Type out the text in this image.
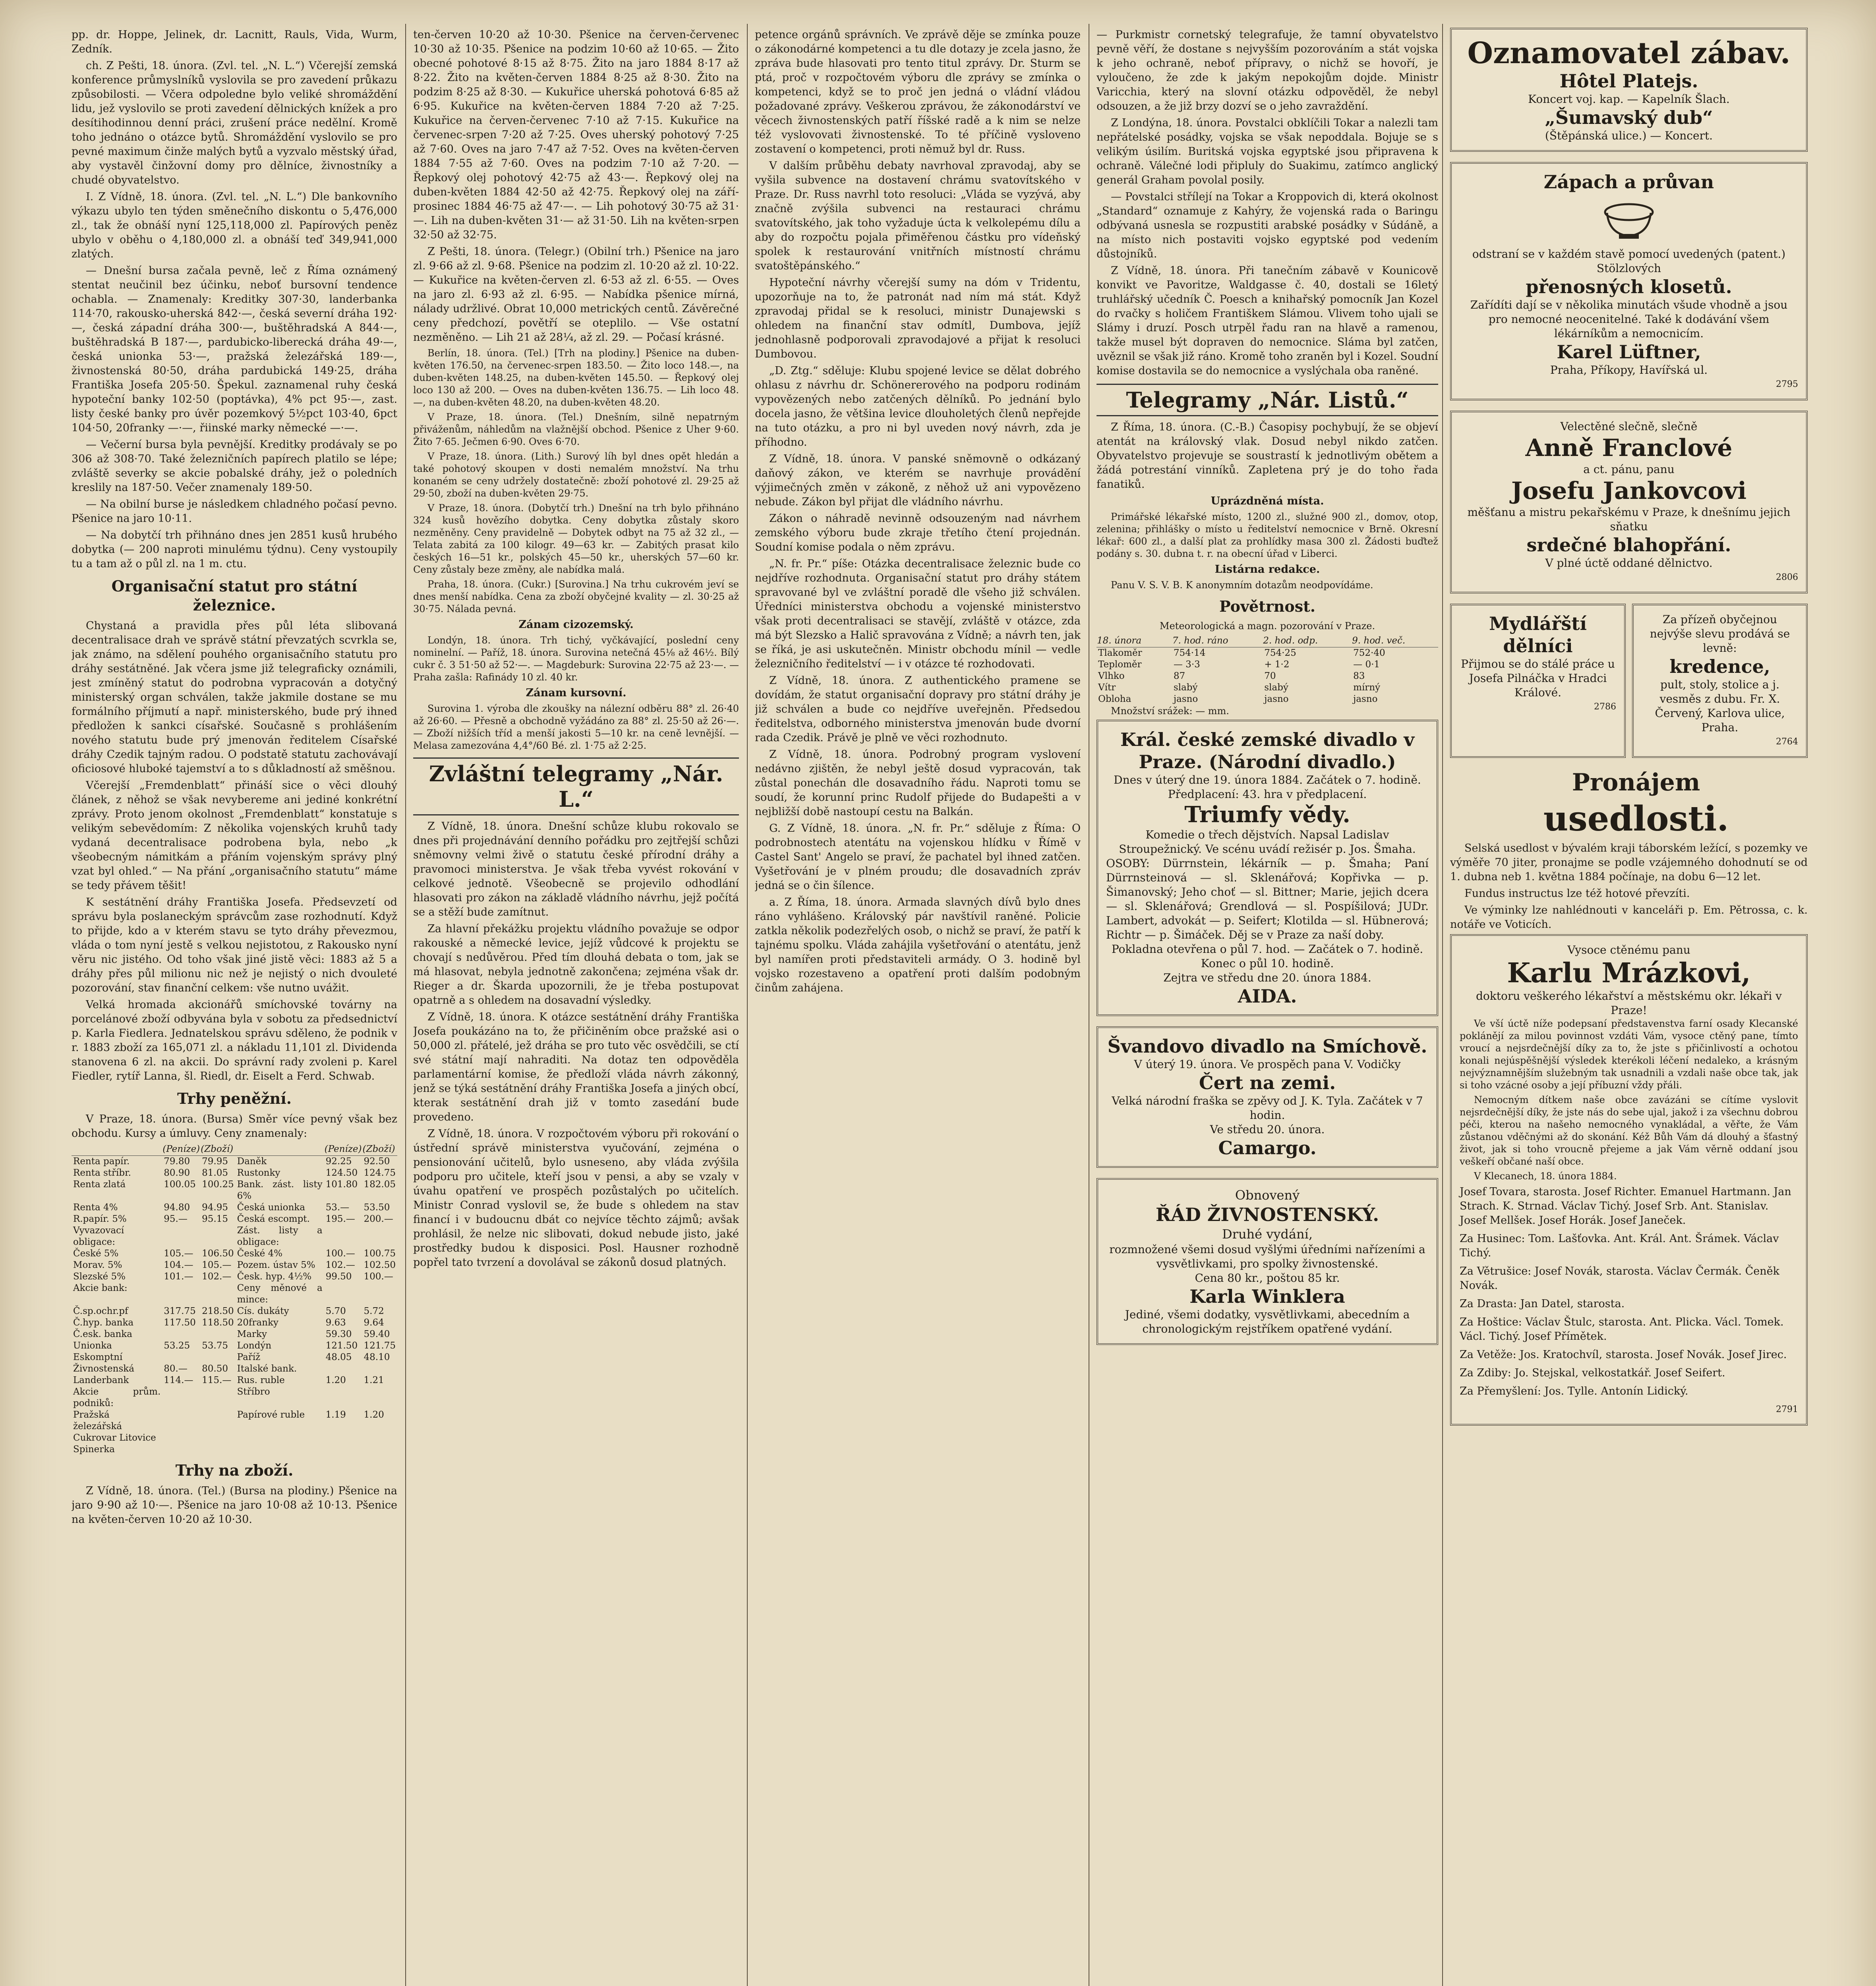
pp. dr. Hoppe, Jelinek, dr. Lacnitt, Rauls, Vida, Wurm, Zedník.

ch. Z Pešti, 18. února. (Zvl. tel. „N. L.“) Včerejší zemská konference průmyslníků vyslovila se pro zavedení průkazu způsobilosti. — Včera odpoledne bylo veliké shromáždění lidu, jež vyslovilo se proti zavedení dělnických knížek a pro desítihodinnou denní práci, zrušení práce nedělní. Kromě toho jednáno o otázce bytů. Shromáždění vyslovilo se pro pevné maximum činže malých bytů a vyzvalo městský úřad, aby vystavěl činžovní domy pro dělníce, živnostníky a chudé obyvatelstvo.

I. Z Vídně, 18. února. (Zvl. tel. „N. L.“) Dle bankovního výkazu ubylo ten týden směnečního diskontu o 5,476,000 zl., tak že obnáší nyní 125,118,000 zl. Papírových peněz ubylo v oběhu o 4,180,000 zl. a obnáší teď 349,941,000 zlatých.

— Dnešní bursa začala pevně, leč z Říma oznámený stentat neučinil bez účinku, neboť bursovní tendence ochabla. — Znamenaly: Kreditky 307·30, landerbanka 114·70, rakousko-uherská 842·—, česká severní dráha 192·—, česká západní dráha 300·—, buštěhradská A 844·—, buštěhradská B 187·—, pardubicko-liberecká dráha 49·—, česká unionka 53·—, pražská železářská 189·—, živnostenská 80·50, dráha pardubická 149·25, dráha Františka Josefa 205·50. Špekul. zaznamenal ruhy česká hypoteční banky 102·50 (poptávka), 4% pct 95·—, zast. listy české banky pro úvěr pozemkový 5½pct 103·40, 6pct 104·50, 20franky —·—, řiinské marky německé —·—.

— Večerní bursa byla pevnější. Kreditky prodávaly se po 306 až 308·70. Také železničních papírech platilo se lépe; zvláště severky se akcie pobalské dráhy, jež o poledních kreslily na 187·50. Večer znamenaly 189·50.

— Na obilní burse je následkem chladného počasí pevno. Pšenice na jaro 10·11.

— Na dobytčí trh přihnáno dnes jen 2851 kusů hrubého dobytka (— 200 naproti minulému týdnu). Ceny vystoupily tu a tam až o půl zl. na 1 m. ctu.

Organisační statut pro státní železnice.

Chystaná a pravidla přes půl léta slibovaná decentralisace drah ve správě státní převzatých scvrkla se, jak známo, na sdělení pouhého organisačního statutu pro dráhy sestátněné. Jak včera jsme již telegraficky oznámili, jest zmíněný statut do podrobna vypracován a dotyčný ministerský organ schválen, takže jakmile dostane se mu formálního příjmutí a např. ministerského, bude prý ihned předložen k sankci císařské. Současně s prohlášením nového statutu bude prý jmenován ředitelem Císařské dráhy Czedik tajným radou. O podstatě statutu zachovávají oficiosové hluboké tajemství a to s důkladností až směšnou.

Včerejší „Fremdenblatt“ přináší sice o věci dlouhý článek, z něhož se však nevybereme ani jediné konkrétní zprávy. Proto jenom okolnost „Fremdenblatt“ konstatuje s velikým sebevědomím: Z několika vojenských kruhů tady vydaná decentralisace podrobena byla, nebo „k všeobecným námitkám a přáním vojenským správy plný vzat byl ohled.“ — Na přání „organisačního statutu“ máme se tedy přávem těšit!

K sestátnění dráhy Františka Josefa. Předsevzetí od správu byla poslaneckým správcům zase rozhodnutí. Když to přijde, kdo a v kterém stavu se tyto dráhy převezmou, vláda o tom nyní jestě s velkou nejistotou, z Rakousko nyní věru nic jistého. Od toho však jiné jistě věci: 1883 až 5 a dráhy přes půl milionu nic než je nejistý o nich dvouleté pozorování, stav finanční celkem: vše nutno uvážit.

Velká hromada akcionářů smíchovské továrny na porcelánové zboží odbyvána byla v sobotu za předsednictví p. Karla Fiedlera. Jednatelskou správu sděleno, že podnik v r. 1883 zboží za 165,071 zl. a nákladu 11,101 zl. Dividenda stanovena 6 zl. na akcii. Do správní rady zvoleni p. Karel Fiedler, rytíř Lanna, šl. Riedl, dr. Eiselt a Ferd. Schwab.

Trhy peněžní.

V Praze, 18. února. (Bursa) Směr více pevný však bez obchodu. Kursy a úmluvy. Ceny znamenaly:

	(Peníze)	(Zboží)		(Peníze)	(Zboží)
Renta papír.	79.80	79.95	Daněk	92.25	92.50
Renta stříbr.	80.90	81.05	Rustonky	124.50	124.75
Renta zlatá	100.05	100.25	Bank. zást. listy 6%	101.80	182.05
Renta 4%	94.80	94.95	Česká unionka	53.—	53.50
R.papír. 5%	95.—	95.15	Česká escompt.	195.—	200.—
Vyvazovací obligace:			Zást. listy a obligace:		
České 5%	105.—	106.50	České 4%	100.—	100.75
Morav. 5%	104.—	105.—	Pozem. ústav 5%	102.—	102.50
Slezské 5%	101.—	102.—	Česk. hyp. 4½%	99.50	100.—
Akcie bank:			Ceny měnové a mince:		
Č.sp.ochr.pf	317.75	218.50	Cís. dukáty	5.70	5.72
Č.hyp. banka	117.50	118.50	20franky	9.63	9.64
Č.esk. banka			Marky	59.30	59.40
Unionka	53.25	53.75	Londýn	121.50	121.75
Eskomptní			Paříž	48.05	48.10
Živnostenská	80.—	80.50	Italské bank.		
Landerbank	114.—	115.—	Rus. ruble	1.20	1.21
Akcie prům. podniků:			Stříbro		
Pražská železářská			Papírové ruble	1.19	1.20
Cukrovar Litovice					
Spinerka					
Trhy na zboží.

Z Vídně, 18. února. (Tel.) (Bursa na plodiny.) Pšenice na jaro 9·90 až 10·—. Pšenice na jaro 10·08 až 10·13. Pšenice na květen-červen 10·20 až 10·30.

ten-červen 10·20 až 10·30. Pšenice na červen-červenec 10·30 až 10·35. Pšenice na podzim 10·60 až 10·65. — Žito obecné pohotové 8·15 až 8·75. Žito na jaro 1884 8·17 až 8·22. Žito na květen-červen 1884 8·25 až 8·30. Žito na podzim 8·25 až 8·30. — Kukuřice uherská pohotová 6·85 až 6·95. Kukuřice na květen-červen 1884 7·20 až 7·25. Kukuřice na červen-červenec 7·10 až 7·15. Kukuřice na červenec-srpen 7·20 až 7·25. Oves uherský pohotový 7·25 až 7·60. Oves na jaro 7·47 až 7·52. Oves na květen-červen 1884 7·55 až 7·60. Oves na podzim 7·10 až 7·20. — Řepkový olej pohotový 42·75 až 43·—. Řepkový olej na duben-květen 1884 42·50 až 42·75. Řepkový olej na září-prosinec 1884 46·75 až 47·—. — Lih pohotový 30·75 až 31·—. Lih na duben-květen 31·— až 31·50. Lih na květen-srpen 32·50 až 32·75.

Z Pešti, 18. února. (Telegr.) (Obilní trh.) Pšenice na jaro zl. 9·66 až zl. 9·68. Pšenice na podzim zl. 10·20 až zl. 10·22. — Kukuřice na květen-červen zl. 6·53 až zl. 6·55. — Oves na jaro zl. 6·93 až zl. 6·95. — Nabídka pšenice mírná, nálady udržlivé. Obrat 10,000 metrických centů. Závěrečné ceny předchozí, povětří se oteplilo. — Vše ostatní nezměněno. — Lih 21 až 28¼, až zl. 29. — Počasí krásné.

Berlín, 18. února. (Tel.) [Trh na plodiny.] Pšenice na duben-květen 176.50, na červenec-srpen 183.50. — Žito loco 148.—, na duben-květen 148.25, na duben-květen 145.50. — Řepkový olej loco 130 až 200. — Oves na duben-květen 136.75. — Lih loco 48.—, na duben-květen 48.20, na duben-květen 48.20.

V Praze, 18. února. (Tel.) Dnešním, silně nepatrným přiváženům, náhledům na vlažnější obchod. Pšenice z Uher 9·60. Žito 7·65. Ječmen 6·90. Oves 6·70.

V Praze, 18. února. (Lith.) Surový líh byl dnes opět hledán a také pohotový skoupen v dosti nemalém množství. Na trhu konaném se ceny udržely dostatečně: zboží pohotové zl. 29·25 až 29·50, zboží na duben-květen 29·75.

V Praze, 18. února. (Dobytčí trh.) Dnešní na trh bylo přihnáno 324 kusů hovězího dobytka. Ceny dobytka zůstaly skoro nezměněny. Ceny pravidelně — Dobytek odbyt na 75 až 32 zl., — Telata zabitá za 100 kilogr. 49—63 kr. — Zabitých prasat kilo českých 16—51 kr., polských 45—50 kr., uherských 57—60 kr. Ceny zůstaly beze změny, ale nabídka malá.

Praha, 18. února. (Cukr.) [Surovina.] Na trhu cukrovém jeví se dnes menší nabídka. Cena za zboží obyčejné kvality — zl. 30·25 až 30·75. Nálada pevná.

Zánam cizozemský.

Londýn, 18. února. Trh tichý, vyčkávající, poslední ceny nominelní. — Paříž, 18. února. Surovina netečná 45⅛ až 46½. Bílý cukr č. 3 51·50 až 52·—. — Magdeburk: Surovina 22·75 až 23·—. — Praha zašla: Rafinády 10 zl. 40 kr.

Zánam kursovní.

Surovina 1. výroba dle zkoušky na nálezní odběru 88° zl. 26·40 až 26·60. — Přesně a obchodně vyžádáno za 88° zl. 25·50 až 26·—. — Zboží nižších tříd a menší jakosti 5—10 kr. na ceně levnější. — Melasa zamezována 4,4°/60 Bé. zl. 1·75 až 2·25.

Zvláštní telegramy „Nár. L.“

Z Vídně, 18. února. Dnešní schůze klubu rokovalo se dnes při projednávání denního pořádku pro zejtřejší schůzi sněmovny velmi živě o statutu české přírodní dráhy a pravomoci ministerstva. Je však třeba vyvést rokování v celkové jednotě. Všeobecně se projevilo odhodlání hlasovati pro zákon na základě vládního návrhu, jejž počítá se a stěží bude zamítnut.

Za hlavní překážku projektu vládního považuje se odpor rakouské a německé levice, jejíž vůdcové k projektu se chovají s nedůvěrou. Před tím dlouhá debata o tom, jak se má hlasovat, nebyla jednotně zakončena; zejména však dr. Rieger a dr. Škarda upozornili, že je třeba postupovat opatrně a s ohledem na dosavadní výsledky.

Z Vídně, 18. února. K otázce sestátnění dráhy Františka Josefa poukázáno na to, že přičiněním obce pražské asi o 50,000 zl. přátelé, jež dráha se pro tuto věc osvědčili, se ctí své státní mají nahraditi. Na dotaz ten odpověděla parlamentární komise, že předloží vláda návrh zákonný, jenž se týká sestátnění dráhy Františka Josefa a jiných obcí, kterak sestátnění drah již v tomto zasedání bude provedeno.

Z Vídně, 18. února. V rozpočtovém výboru při rokování o ústřední správě ministerstva vyučování, zejména o pensionování učitelů, bylo usneseno, aby vláda zvýšila podporu pro učitele, kteří jsou v pensi, a aby se vzaly v úvahu opatření ve prospěch pozůstalých po učitelích. Ministr Conrad vyslovil se, že bude s ohledem na stav financí i v budoucnu dbát co nejvíce těchto zájmů; avšak prohlásil, že nelze nic slibovati, dokud nebude jisto, jaké prostředky budou k disposici. Posl. Hausner rozhodně popřel tato tvrzení a dovolával se zákonů dosud platných.

petence orgánů správních. Ve zprávě děje se zmínka pouze o zákonodárné kompetenci a tu dle dotazy je zcela jasno, že zpráva bude hlasovati pro tento titul zprávy. Dr. Sturm se ptá, proč v rozpočtovém výboru dle zprávy se zmínka o kompetenci, když se to proč jen jedná o vládní vládou požadované zprávy. Veškerou zprávou, že zákonodárství ve věcech živnostenských patří říšské radě a k nim se nelze též vyslovovati živnostenské. To té příčině vysloveno zostavení o kompetenci, proti němuž byl dr. Russ.

V dalším průběhu debaty navrhoval zpravodaj, aby se vyšila subvence na dostavení chrámu svatovítského v Praze. Dr. Russ navrhl toto resoluci: „Vláda se vyzývá, aby značně zvýšila subvenci na restauraci chrámu svatovítského, jak toho vyžaduje úcta k velkolepému dílu a aby do rozpočtu pojala přiměřenou částku pro vídeňský spolek k restaurování vnitřních místností chrámu svatoštěpánského.“

Hypoteční návrhy včerejší sumy na dóm v Tridentu, upozorňuje na to, že patronát nad ním má stát. Když zpravodaj přidal se k resoluci, ministr Dunajewski s ohledem na finanční stav odmítl, Dumbova, jejíž jednohlasně podporovali zpravodajové a přijat k resoluci Dumbovou.

„D. Ztg.“ sděluje: Klubu spojené levice se dělat dobrého ohlasu z návrhu dr. Schönererového na podporu rodinám vypovězených nebo zatčených dělníků. Po jednání bylo docela jasno, že většina levice dlouholetých členů nepřejde na tuto otázku, a pro ni byl uveden nový návrh, zda je příhodno.

Z Vídně, 18. února. V panské sněmovně o odkázaný daňový zákon, ve kterém se navrhuje provádění výjimečných změn v zákoně, z něhož už ani vypovězeno nebude. Zákon byl přijat dle vládního návrhu.

Zákon o náhradě nevinně odsouzeným nad návrhem zemského výboru bude zkraje třetího čtení projednán. Soudní komise podala o něm zprávu.

„N. fr. Pr.“ píše: Otázka decentralisace železnic bude co nejdříve rozhodnuta. Organisační statut pro dráhy státem spravované byl ve zvláštní poradě dle všeho již schválen. Úředníci ministerstva obchodu a vojenské ministerstvo však proti decentralisaci se stavějí, zvláště v otázce, zda má být Slezsko a Halič spravována z Vídně; a návrh ten, jak se říká, je asi uskutečněn. Ministr obchodu mínil — vedle železničního ředitelství — i v otázce té rozhodovati.

Z Vídně, 18. února. Z authentického pramene se dovídám, že statut organisační dopravy pro státní dráhy je již schválen a bude co nejdříve uveřejněn. Předsedou ředitelstva, odborného ministerstva jmenován bude dvorní rada Czedik. Právě je plně ve věci rozhodnuto.

Z Vídně, 18. února. Podrobný program vyslovení nedávno zjištěn, že nebyl ještě dosud vypracován, tak zůstal ponechán dle dosavadního řádu. Naproti tomu se soudí, že korunní princ Rudolf přijede do Budapešti a v nejbližší době nastoupí cestu na Balkán.

G. Z Vídně, 18. února. „N. fr. Pr.“ sděluje z Říma: O podrobnostech atentátu na vojenskou hlídku v Římě v Castel Sant' Angelo se praví, že pachatel byl ihned zatčen. Vyšetřování je v plném proudu; dle dosavadních zpráv jedná se o čin šílence.

a. Z Říma, 18. února. Armada slavných dívů bylo dnes ráno vyhlášeno. Královský pár navštívil raněné. Policie zatkla několik podezřelých osob, o nichž se praví, že patří k tajnému spolku. Vláda zahájila vyšetřování o atentátu, jenž byl namířen proti představiteli armády. O 3. hodině byl vojsko rozestaveno a opatření proti dalším podobným činům zahájena.

— Purkmistr cornetský telegrafuje, že tamní obyvatelstvo pevně věří, že dostane s nejvyšším pozorováním a stát vojska k jeho ochraně, neboť přípravy, o nichž se hovoří, je vyloučeno, že zde k jakým nepokojům dojde. Ministr Varicchia, který na slovní otázku odpověděl, že nebyl odsouzen, a že již brzy dozví se o jeho zavraždění.

Z Londýna, 18. února. Povstalci obklíčili Tokar a nalezli tam nepřátelské posádky, vojska se však nepoddala. Bojuje se s velikým úsilím. Buritská vojska egyptské jsou připravena k ochraně. Válečné lodi připluly do Suakimu, zatímco anglický generál Graham povolal posily.

— Povstalci střílejí na Tokar a Kroppovich di, která okolnost „Standard“ oznamuje z Kahýry, že vojenská rada o Baringu odbývaná usnesla se rozpustiti arabské posádky v Súdáně, a na místo nich postaviti vojsko egyptské pod vedením důstojníků.

Z Vídně, 18. února. Při tanečním zábavě v Kounicově konvikt ve Pavoritze, Waldgasse č. 40, dostali se 16letý truhlářský učedník Č. Poesch a knihařský pomocník Jan Kozel do rvačky s holičem Františkem Slámou. Vlivem toho ujali se Slámy i druzí. Posch utrpěl řadu ran na hlavě a ramenou, takže musel být dopraven do nemocnice. Sláma byl zatčen, uvěznil se však již ráno. Kromě toho zraněn byl i Kozel. Soudní komise dostavila se do nemocnice a vyslýchala oba raněné.

Telegramy „Nár. Listů.“

Z Říma, 18. února. (C.-B.) Časopisy pochybují, že se objeví atentát na královský vlak. Dosud nebyl nikdo zatčen. Obyvatelstvo projevuje se soustrastí k jednotlivým obětem a žádá potrestání vinníků. Zapletena prý je do toho řada fanatiků.

Uprázdněná místa.

Primářské lékařské místo, 1200 zl., služné 900 zl., domov, otop, zelenina; přihlášky o místo u ředitelství nemocnice v Brně. Okresní lékař: 600 zl., a další plat za prohlídky masa 300 zl. Žádosti buďtež podány s. 30. dubna t. r. na obecní úřad v Liberci.

Listárna redakce.

Panu V. S. V. B. K anonymním dotazům neodpovídáme.

Povětrnost.

Meteorologická a magn. pozorování v Praze.

18. února	7. hod. ráno	2. hod. odp.	9. hod. več.
Tlakoměr	754·14	754·25	752·40
Teploměr	— 3·3	+ 1·2	— 0·1
Vlhko	87	70	83
Vítr	slabý	slabý	mírný
Obloha	jasno	jasno	jasno

Množství srážek: — mm.

Král. české zemské divadlo v Praze. (Národní divadlo.)
Dnes v úterý dne 19. února 1884. Začátek o 7. hodině. Předplacení: 43. hra v předplacení.
Triumfy vědy.
Komedie o třech dějstvích. Napsal Ladislav Stroupežnický. Ve scénu uvádí režisér p. Jos. Šmaha.
OSOBY: Dürrnstein, lékárník — p. Šmaha; Paní Dürrnsteinová — sl. Sklenářová; Kopřivka — p. Šimanovský; Jeho choť — sl. Bittner; Marie, jejich dcera — sl. Sklenářová; Grendlová — sl. Pospíšilová; JUDr. Lambert, advokát — p. Seifert; Klotilda — sl. Hübnerová; Richtr — p. Šimáček. Děj se v Praze za naší doby.
Pokladna otevřena o půl 7. hod. — Začátek o 7. hodině. Konec o půl 10. hodině.
Zejtra ve středu dne 20. února 1884.
AIDA.
Švandovo divadlo na Smíchově.
V úterý 19. února. Ve prospěch pana V. Vodičky
Čert na zemi.
Velká národní fraška se zpěvy od J. K. Tyla. Začátek v 7 hodin.
Ve středu 20. února.
Camargo.
Obnovený
ŘÁD ŽIVNOSTENSKÝ.
Druhé vydání,
rozmnožené všemi dosud vyšlými úředními nařízeními a vysvětlivkami, pro spolky živnostenské.
Cena 80 kr., poštou 85 kr.
Karla Winklera
Jediné, všemi dodatky, vysvětlivkami, abecedním a chronologickým rejstříkem opatřené vydání.
Oznamovatel zábav.
Hôtel Platejs.
Koncert voj. kap. — Kapelník Šlach.
„Šumavský dub“
(Štěpánská ulice.) — Koncert.
Zápach a průvan
odstraní se v každém stavě pomocí uvedených (patent.) Stölzlových
přenosných klosetů.
Zařídíti dají se v několika minutách všude vhodně a jsou pro nemocné neocenitelné. Také k dodávání všem lékárníkům a nemocnicím.
Karel Lüftner,
Praha, Příkopy, Havířská ul.
2795
Velectěné slečně, slečně
Anně Franclové
a ct. pánu, panu
Josefu Jankovcovi
měšťanu a mistru pekařskému v Praze, k dnešnímu jejich sňatku
srdečné blahopřání.
V plné úctě oddané dělnictvo.
2806
Mydlářští dělníci
Přijmou se do stálé práce u Josefa Pilnáčka v Hradci Králové.
2786
Za přízeň obyčejnou nejvýše slevu prodává se levně:
kredence,
pult, stoly, stolice a j. vesměs z dubu. Fr. X. Červený, Karlova ulice, Praha.
2764

Pronájem

usedlosti.

Selská usedlost v bývalém kraji táborském ležící, s pozemky ve výměře 70 jiter, pronajme se podle vzájemného dohodnutí se od 1. dubna neb 1. května 1884 počínaje, na dobu 6—12 let.

Fundus instructus lze též hotové převzíti.

Ve výminky lze nahlédnouti v kanceláři p. Em. Pětrossa, c. k. notáře ve Voticích.

Vysoce ctěnému panu
Karlu Mrázkovi,
doktoru veškerého lékařství a městskému okr. lékaři v Praze!

Ve vší úctě níže podepsaní představenstva farní osady Klecanské poklánějí za milou povinnost vzdáti Vám, vysoce ctěný pane, tímto vroucí a nejsrdečnější díky za to, že jste s přičinlivostí a ochotou konali nejúspěšnější výsledek kterékoli léčení nedaleko, a krásným nejvýznamnějším služebným tak usnadnili a vzdali naše obce tak, jak si toho vzácné osoby a její příbuzní vždy přáli.

Nemocným dítkem naše obce zavázáni se cítíme vyslovit nejsrdečnější díky, že jste nás do sebe ujal, jakož i za všechnu dobrou péči, kterou na našeho nemocného vynakládal, a věřte, že Vám zůstanou vděčnými až do skonání. Kéž Bůh Vám dá dlouhý a šťastný život, jak si toho vroucně přejeme a jak Vám věrně oddaní jsou veškeří občané naší obce.

V Klecanech, 18. února 1884.

Josef Tovara, starosta. Josef Richter. Emanuel Hartmann. Jan Strach. K. Strnad. Václav Tichý. Josef Srb. Ant. Stanislav. Josef Mellšek. Josef Horák. Josef Janeček.
Za Husinec: Tom. Lašťovka. Ant. Král. Ant. Šrámek. Václav Tichý.
Za Větrušice: Josef Novák, starosta. Václav Čermák. Čeněk Novák.
Za Drasta: Jan Datel, starosta.
Za Hoštice: Václav Štulc, starosta. Ant. Plicka. Václ. Tomek. Václ. Tichý. Josef Přímětek.
Za Vetěže: Jos. Kratochvíl, starosta. Josef Novák. Josef Jirec.
Za Zdiby: Jo. Stejskal, velkostatkář. Josef Seifert.
Za Přemyšlení: Jos. Tylle. Antonín Lidický.
2791
